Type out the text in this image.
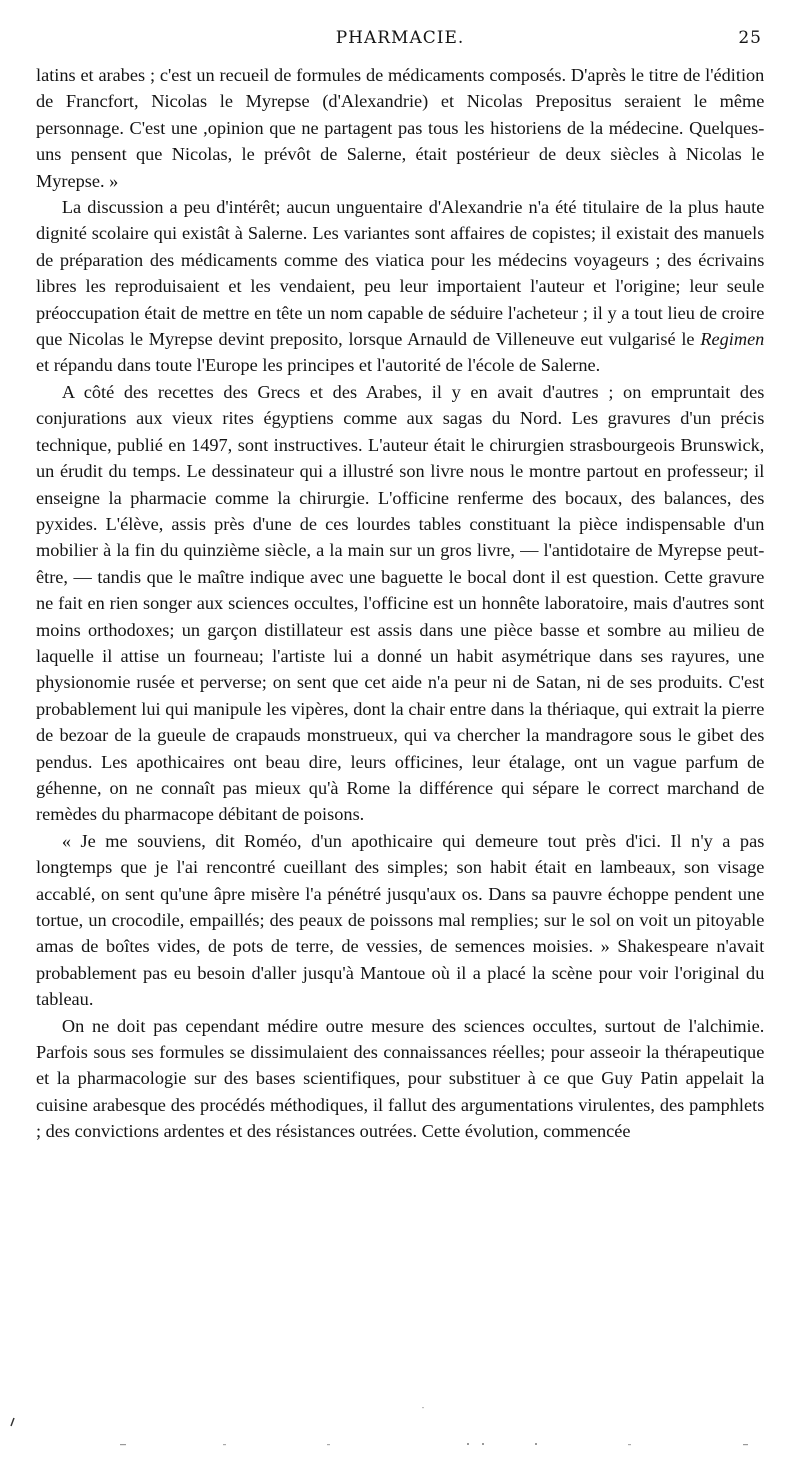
PHARMACIE.	25

latins et arabes ; c'est un recueil de formules de médicaments composés. D'après le titre de l'édition de Francfort, Nicolas le Myrepse (d'Alexandrie) et Nicolas Prepositus seraient le même personnage. C'est une ,opinion que ne partagent pas tous les historiens de la médecine. Quelques-uns pensent que Nicolas, le prévôt de Salerne, était postérieur de deux siècles à Nicolas le Myrepse. »

La discussion a peu d'intérêt; aucun unguentaire d'Alexandrie n'a été titulaire de la plus haute dignité scolaire qui existât à Salerne. Les variantes sont affaires de copistes; il existait des manuels de préparation des médicaments comme des viatica pour les médecins voyageurs ; des écrivains libres les reproduisaient et les vendaient, peu leur importaient l'auteur et l'origine; leur seule préoccupation était de mettre en tête un nom capable de séduire l'acheteur ; il y a tout lieu de croire que Nicolas le Myrepse devint preposito, lorsque Arnauld de Villeneuve eut vulgarisé le Regimen et répandu dans toute l'Europe les principes et l'autorité de l'école de Salerne.

A côté des recettes des Grecs et des Arabes, il y en avait d'autres ; on empruntait des conjurations aux vieux rites égyptiens comme aux sagas du Nord. Les gravures d'un précis technique, publié en 1497, sont instructives. L'auteur était le chirurgien strasbourgeois Brunswick, un érudit du temps. Le dessinateur qui a illustré son livre nous le montre partout en professeur; il enseigne la pharmacie comme la chirurgie. L'officine renferme des bocaux, des balances, des pyxides. L'élève, assis près d'une de ces lourdes tables constituant la pièce indispensable d'un mobilier à la fin du quinzième siècle, a la main sur un gros livre, — l'antidotaire de Myrepse peut-être, — tandis que le maître indique avec une baguette le bocal dont il est question. Cette gravure ne fait en rien songer aux sciences occultes, l'officine est un honnête laboratoire, mais d'autres sont moins orthodoxes; un garçon distillateur est assis dans une pièce basse et sombre au milieu de laquelle il attise un fourneau; l'artiste lui a donné un habit asymétrique dans ses rayures, une physionomie rusée et perverse; on sent que cet aide n'a peur ni de Satan, ni de ses produits. C'est probablement lui qui manipule les vipères, dont la chair entre dans la thériaque, qui extrait la pierre de bezoar de la gueule de crapauds monstrueux, qui va chercher la mandragore sous le gibet des pendus. Les apothicaires ont beau dire, leurs officines, leur étalage, ont un vague parfum de géhenne, on ne connaît pas mieux qu'à Rome la différence qui sépare le correct marchand de remèdes du pharmacope débitant de poisons.

« Je me souviens, dit Roméo, d'un apothicaire qui demeure tout près d'ici. Il n'y a pas longtemps que je l'ai rencontré cueillant des simples; son habit était en lambeaux, son visage accablé, on sent qu'une âpre misère l'a pénétré jusqu'aux os. Dans sa pauvre échoppe pendent une tortue, un crocodile, empaillés; des peaux de poissons mal remplies; sur le sol on voit un pitoyable amas de boîtes vides, de pots de terre, de vessies, de semences moisies. » Shakespeare n'avait probablement pas eu besoin d'aller jusqu'à Mantoue où il a placé la scène pour voir l'original du tableau.

On ne doit pas cependant médire outre mesure des sciences occultes, surtout de l'alchimie. Parfois sous ses formules se dissimulaient des connaissances réelles; pour asseoir la thérapeutique et la pharmacologie sur des bases scientifiques, pour substituer à ce que Guy Patin appelait la cuisine arabesque des procédés méthodiques, il fallut des argumentations virulentes, des pamphlets ; des convictions ardentes et des résistances outrées. Cette évolution, commencée
